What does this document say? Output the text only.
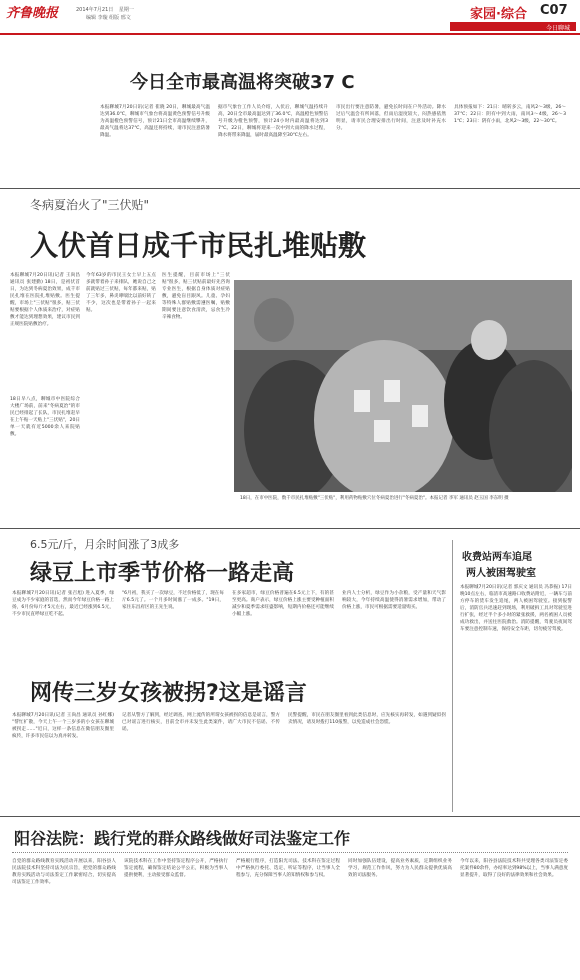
齐鲁晚报	2014年7月21日 星期一
编辑 李璇 组版 邢文	家园·综合 C07
今日聊城
今日全市最高温将突破37 C
本报聊城7月20日讯(记者 崔晓 20日，聊城最高气温达到36.0℃，聊城市气象台将高温黄色预警信号升级为高温橙色预警信号，预计21日全市高温继续攀升，最高气温将达37℃，高温还将持续，请市民注意防暑降温。
据市气象台工作人员介绍，入伏后，聊城气温持续升高，20日全市最高温达到了36.0℃，高温橙色预警信号升级为橙色预警，预计24小时内最高温将达到37℃。22日，聊城将迎来一次中到大雨的降水过程，降水将带来降温，届时最高温降至30℃左右。
市民出行要注意防暑，避免长时间在户外活动。降水过后气温会有所回落，但雨后湿度较大，闷热感依然明显，请市民合理安排出行时间，注意及时补充水分。
具体预报如下：21日：晴转多云，南风2～3级，26～37℃；22日：阴有中到大雨，南风3～4级，26～31℃；23日：阴有小雨，北风2～3级，22～30℃。
冬病夏治火了"三伏贴"
入伏首日成千市民扎堆贴敷
本报聊城7月20日讯(记者 王尚昌 通讯员 张建勤) 18日，是初伏首日，为达到冬病夏治效果，成千市民扎堆在医院扎堆贴敷。医生提醒，市场上"三伏贴"很多，贴三伏贴要根据个人体质来治疗，对症贴敷才能达到理想效果，建议市民到正规医院贴敷治疗。
18日早八点，聊城市中医院综合大楼广场前，前来"冬病夏治"的市民已经排起了长队，市民扎堆赶早在上午贴一天贴上"三伏贴"，20日单一天就有近5000余人来院贴敷。
今年63岁的市民王女士早上五点多就带着孙子来排队，她说自己之前就贴过三伏贴，每年都来贴，贴了三年多，鼻炎哮喘比以前好转了不少，这次也是带着孙子一起来贴。
医生提醒，目前市场上"三伏贴"很多，贴三伏贴前最好先咨询专业医生，根据自身体质对症贴敷，避免盲目跟风。儿童、孕妇等特殊人群贴敷需遵医嘱，贴敷期间要注意饮食清淡，忌食生冷辛辣食物。
18日，在市中医院，数千市民扎堆贴敷"三伏贴"，利用药物贴敷穴位冬病夏治进行"冬病夏治"。本报记者 李军 通讯员 赵玉国 李东明 摄
6.5元/斤，月余时间涨了3成多
绿豆上市季节价格一路走高
本报聊城7月20日讯(记者 张召旭) 进入夏季，绿豆成为不少家庭的首选，然而今年绿豆价格一路上扬，6月份每斤才5元左右，最近已经涨到6.5元，不少市民直呼绿豆吃不起。
"6月初，我买了一次绿豆，不过价格低了，现在每斤6.5元了。一个月多时间涨了一成多。"19日，家住东昌府区的王先生说。
在多家超市，绿豆价格普遍在6.5元上下，有的甚至更高。商户表示，绿豆价格上涨主要受种植面积减少和夏季需求旺盛影响，短期内价格还可能继续小幅上涨。
业内人士分析，绿豆作为小杂粮，受产量和天气影响较大，今年持续高温使得消暑需求增加，带动了价格上涨，市民可根据需要适量购买。
网传三岁女孩被拐?这是谣言
本报聊城7月20日讯(记者 王尚昌 通讯员 孙红娜) "帮忙扩散，今天上午一个三岁多的小女孩在聊城被拐走……"近日，这样一条信息在微信朋友圈里疯传，许多市民信以为真并转发。
记者从警方了解到，经过调查，网上流传的所谓女孩被拐的信息是谣言，警方已对谣言进行核实，目前全市并未发生此类案件，请广大市民不信谣、不传谣。
民警提醒，市民在朋友圈里看到此类信息时，应先核实再转发，如遇到疑似拐卖情况，请及时拨打110报警，以免造成社会恐慌。
收费站两车追尾
两人被困驾驶室
本报聊城7月20日讯(记者 郭庆文 通讯员 冯恭振) 17日晚10点左右，临清市高速路口收费站附近，一辆车与前方停车的货车发生追尾，两人被困驾驶室。接到报警后，消防官兵迅速赶到现场，利用破拆工具对驾驶室进行扩张，经过半个多小时的紧张救援，两名被困人员被成功救出，并送往医院救治。消防提醒，驾驶员夜间驾车要注意控制车速，保持安全车距，切勿疲劳驾驶。
阳谷法院：践行党的群众路线做好司法鉴定工作
自党的群众路线教育实践活动开展以来，阳谷县人民法院技术科坚持司法为民宗旨，把党的群众路线教育实践活动与司法鉴定工作紧密结合，切实提高司法鉴定工作效率。
该院技术科在工作中坚持鉴定程序公开，严格执行鉴定流程，确保鉴定结论公平公正，积极为当事人提供便利，主动接受群众监督。
严格履行程序，打造阳光司法。技术科在鉴定过程中严格执行委托、选定、听证等程序，让当事人全程参与，充分保障当事人的知情权和参与权。
同时加强队伍建设，提高业务素质，定期组织业务学习，规范工作作风，努力为人民群众提供优质高效的司法服务。
今年以来，阳谷县法院技术科共受理各类司法鉴定委托案件80余件，办结率达到98%以上，当事人满意度显著提升，取得了良好的法律效果和社会效果。
